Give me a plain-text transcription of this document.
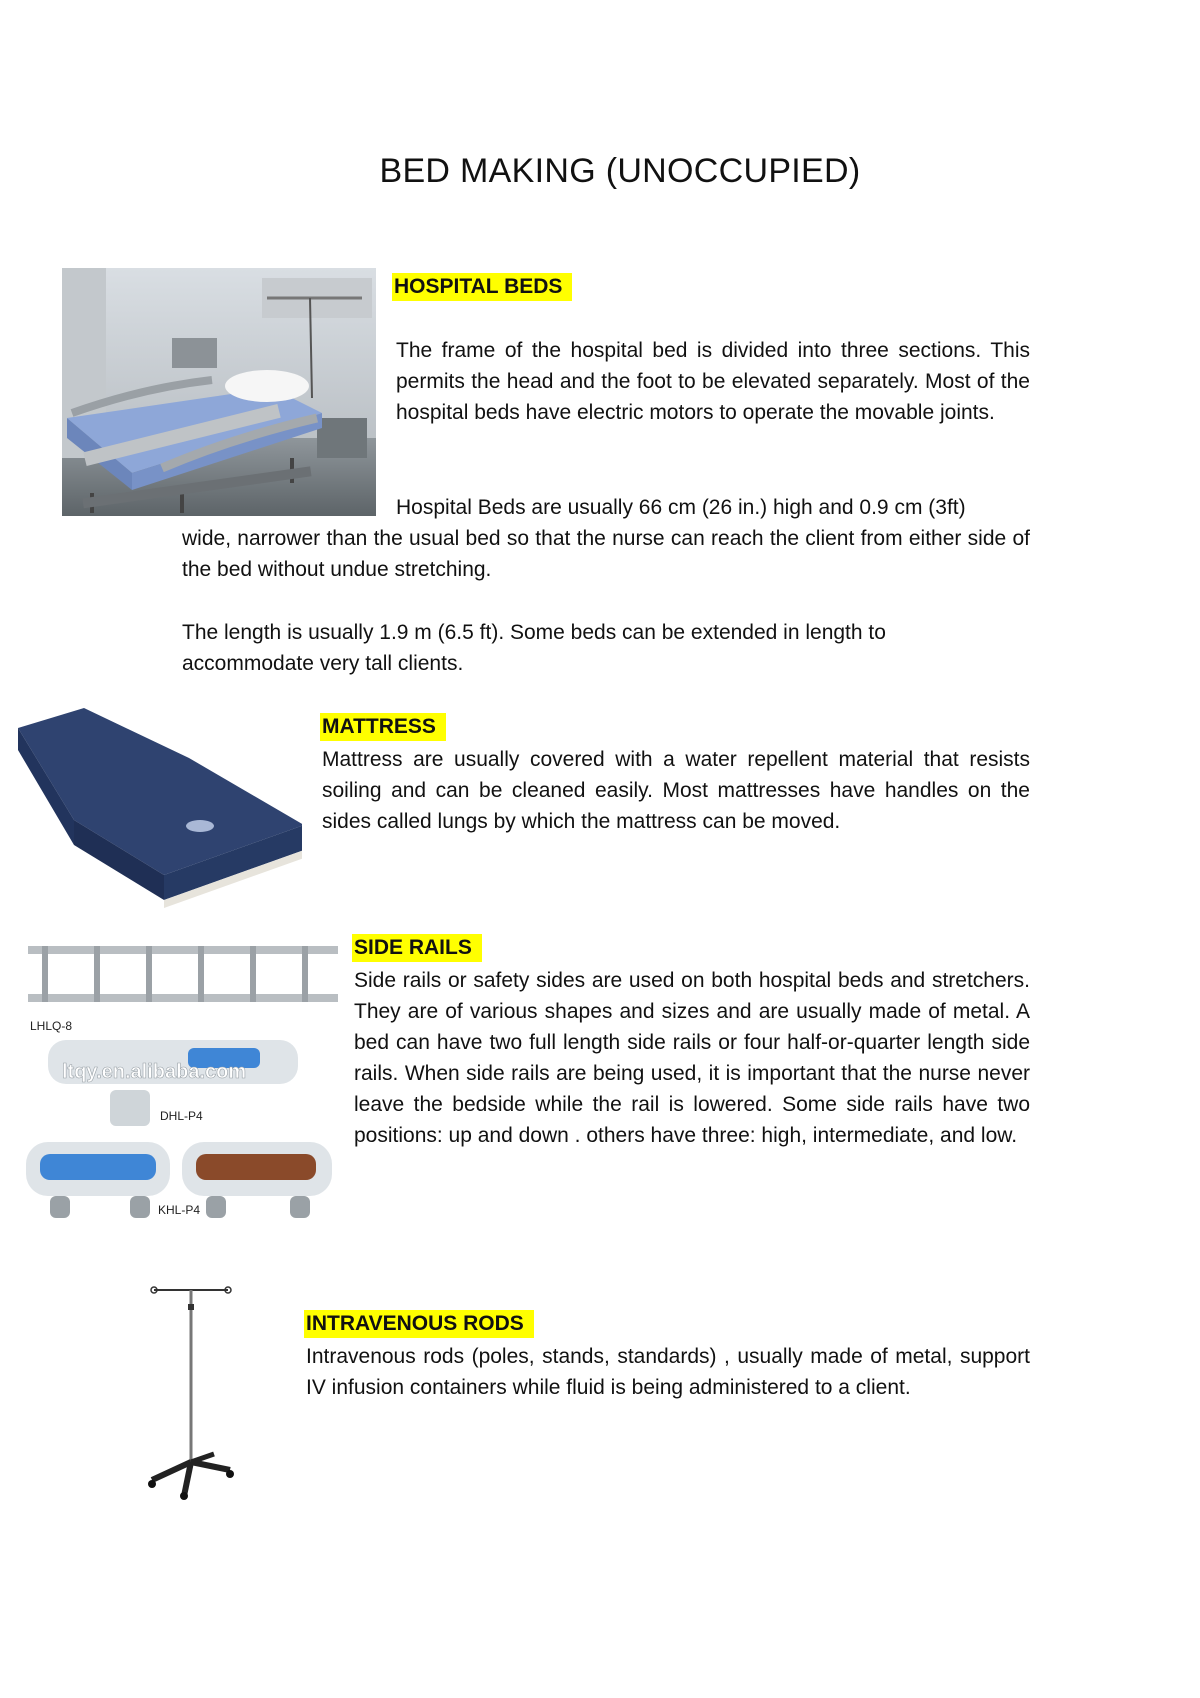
BED MAKING (UNOCCUPIED)
HOSPITAL BEDS

The frame of the hospital bed is divided into three sections. This permits the head and the foot to be elevated separately. Most of the hospital beds have electric motors to operate the movable joints.

Hospital Beds are usually 66 cm (26 in.) high and 0.9 cm (3ft)

wide, narrower than the usual bed so that the nurse can reach the client from either side of the bed without undue stretching.

The length is usually 1.9 m (6.5 ft). Some beds can be extended in length to accommodate very tall clients.

MATTRESS

Mattress are usually covered with a water repellent material that resists soiling and can be cleaned easily. Most mattresses have handles on the sides called lungs by which the mattress can be moved.

LHLQ-8
ltqy.en.alibaba.com
DHL-P4
KHL-P4
SIDE RAILS

Side rails or safety sides are used on both hospital beds and stretchers. They are of various shapes and sizes and are usually made of metal. A bed can have two full length side rails or four half-or-quarter length side rails. When side rails are being used, it is important that the nurse never leave the bedside while the rail is lowered. Some side rails have two positions: up and down . others have three: high, intermediate, and low.

INTRAVENOUS RODS

Intravenous rods (poles, stands, standards) , usually made of metal, support IV infusion containers while fluid is being administered to a client.
